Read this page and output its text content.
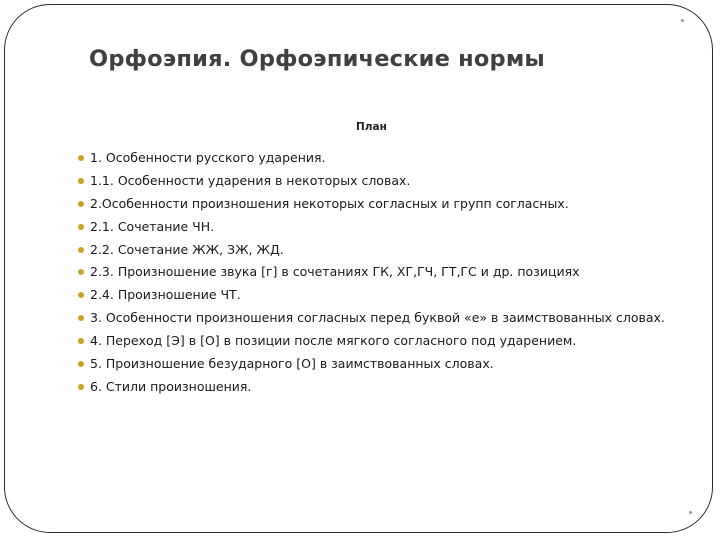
Орфоэпия. Орфоэпические нормы
План
1. Особенности русского ударения.
1.1. Особенности ударения в некоторых словах.
2.Особенности произношения некоторых согласных и групп согласных.
2.1. Сочетание ЧН.
2.2. Сочетание ЖЖ, ЗЖ, ЖД.
2.3. Произношение звука [г] в сочетаниях ГК, ХГ,ГЧ, ГТ,ГС и др. позициях
2.4. Произношение ЧТ.
3. Особенности произношения согласных перед буквой «е» в заимствованных словах.
4. Переход [Э] в [О] в позиции после мягкого согласного под ударением.
5. Произношение безударного [О] в заимствованных словах.
6. Стили произношения.
